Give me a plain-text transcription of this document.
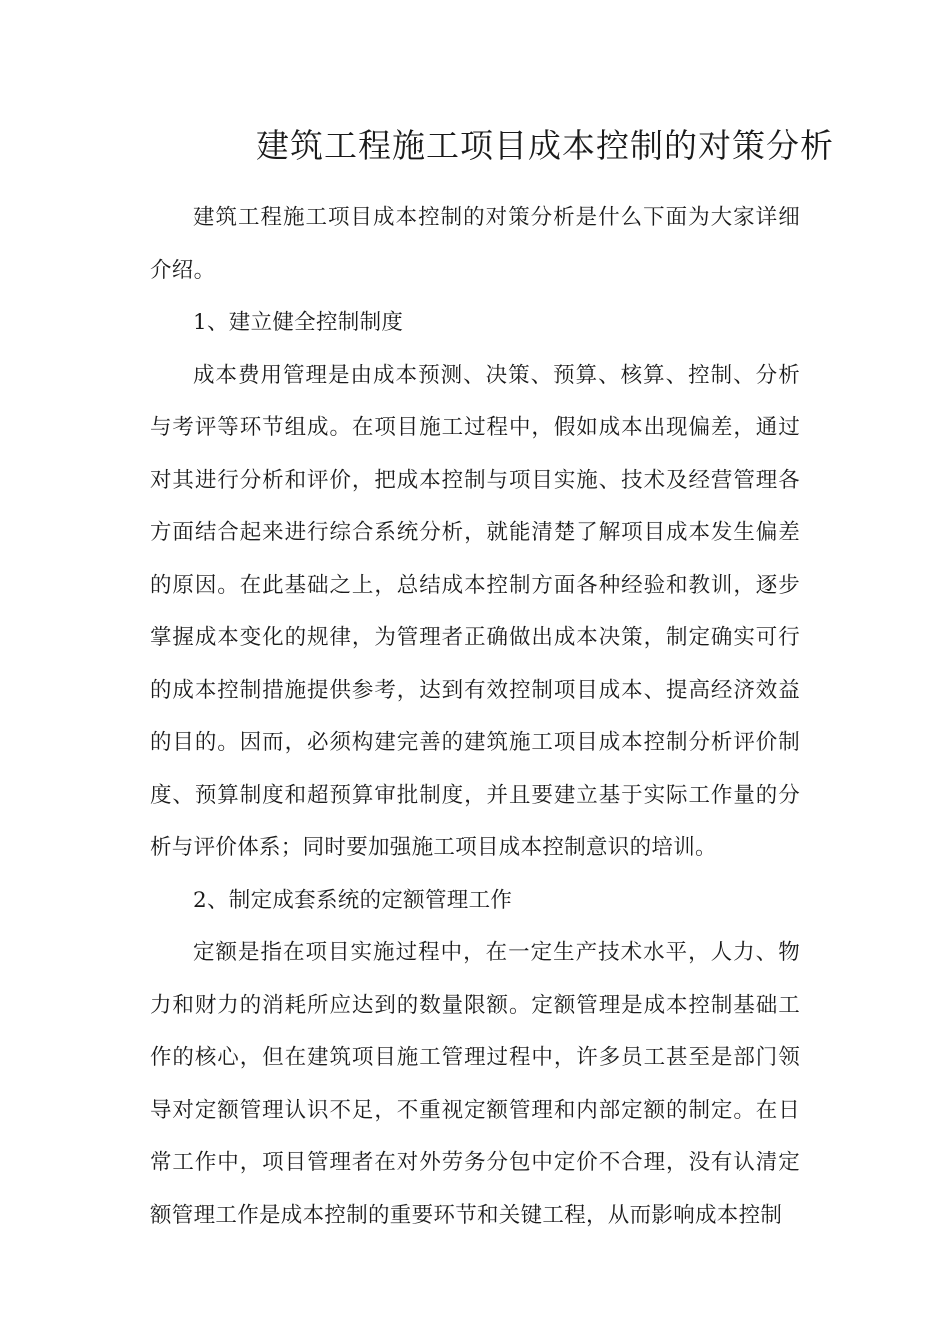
建筑工程施工项目成本控制的对策分析

建筑工程施工项目成本控制的对策分析是什么下面为大家详细介绍。

1、建立健全控制制度

成本费用管理是由成本预测、决策、预算、核算、控制、分析与考评等环节组成。在项目施工过程中，假如成本出现偏差，通过对其进行分析和评价，把成本控制与项目实施、技术及经营管理各方面结合起来进行综合系统分析，就能清楚了解项目成本发生偏差的原因。在此基础之上，总结成本控制方面各种经验和教训，逐步掌握成本变化的规律，为管理者正确做出成本决策，制定确实可行的成本控制措施提供参考，达到有效控制项目成本、提高经济效益的目的。因而，必须构建完善的建筑施工项目成本控制分析评价制度、预算制度和超预算审批制度，并且要建立基于实际工作量的分析与评价体系；同时要加强施工项目成本控制意识的培训。

2、制定成套系统的定额管理工作

定额是指在项目实施过程中，在一定生产技术水平，人力、物力和财力的消耗所应达到的数量限额。定额管理是成本控制基础工作的核心，但在建筑项目施工管理过程中，许多员工甚至是部门领导对定额管理认识不足，不重视定额管理和内部定额的制定。在日常工作中，项目管理者在对外劳务分包中定价不合理，没有认清定额管理工作是成本控制的重要环节和关键工程，从而影响成本控制
